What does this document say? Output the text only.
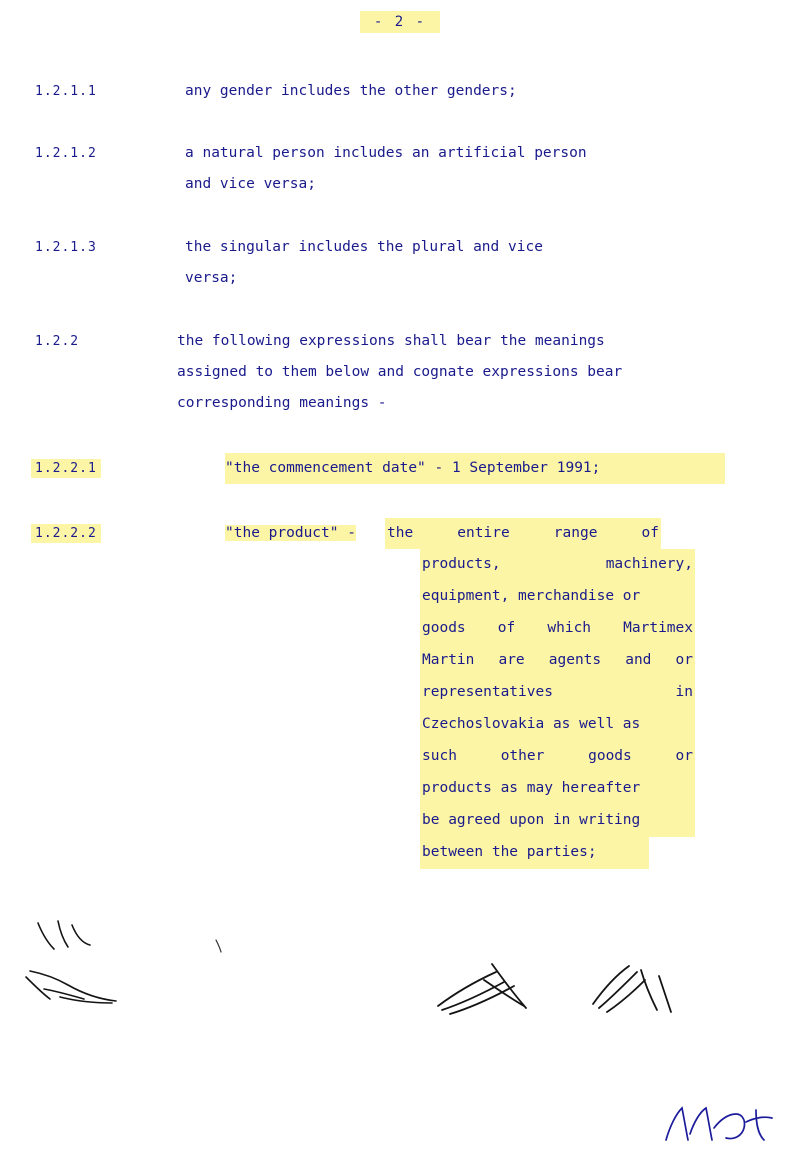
- 2 -
1.2.1.1	any gender includes the other genders;
1.2.1.2	a natural person includes an artificial person
and vice versa;
1.2.1.3	the singular includes the plural and vice
versa;
1.2.2	the following expressions shall bear the meanings
assigned to them below and cognate expressions bear
corresponding meanings -
1.2.2.1	"the commencement date" - 1 September 1991;
1.2.2.2	"the product" -	the	entire	range	of
products,	machinery,
equipment, merchandise or
goods of which Martimex
Martin are agents and or
representatives	in
Czechoslovakia as well as
such	other	goods	or
products as may hereafter
be agreed upon in writing
between the parties;
